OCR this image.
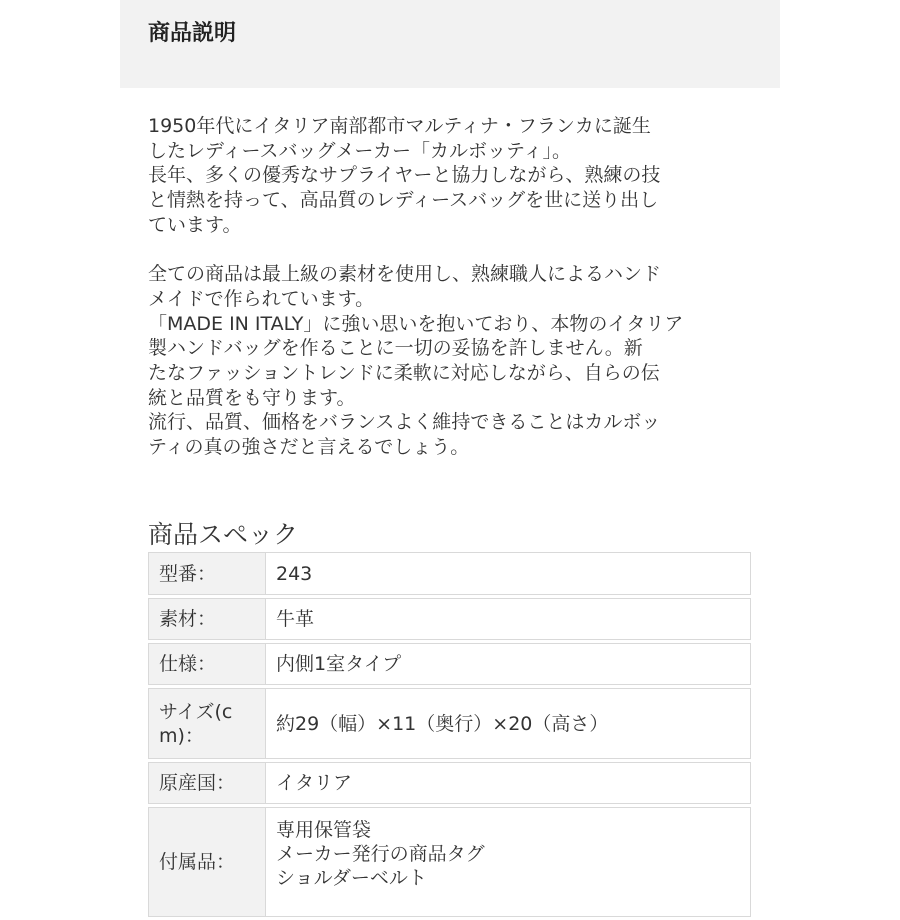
商品説明

1950年代にイタリア南部都市マルティナ・フランカに誕生
したレディースバッグメーカー「カルボッティ」。
長年、多くの優秀なサプライヤーと協力しながら、熟練の技
と情熱を持って、高品質のレディースバッグを世に送り出し
ています。

全ての商品は最上級の素材を使用し、熟練職人によるハンド
メイドで作られています。
「MADE IN ITALY」に強い思いを抱いており、本物のイタリア
製ハンドバッグを作ることに一切の妥協を許しません。新
たなファッショントレンドに柔軟に対応しながら、自らの伝
統と品質をも守ります。
流行、品質、価格をバランスよく維持できることはカルボッ
ティの真の強さだと言えるでしょう。

商品スペック
型番：	243
素材：	牛革
仕様：	内側1室タイプ

サイズ(c
m)：	約29（幅）×11（奥行）×20（高さ）
原産国：	イタリア
付属品：	専用保管袋
メーカー発行の商品タグ
ショルダーベルト
